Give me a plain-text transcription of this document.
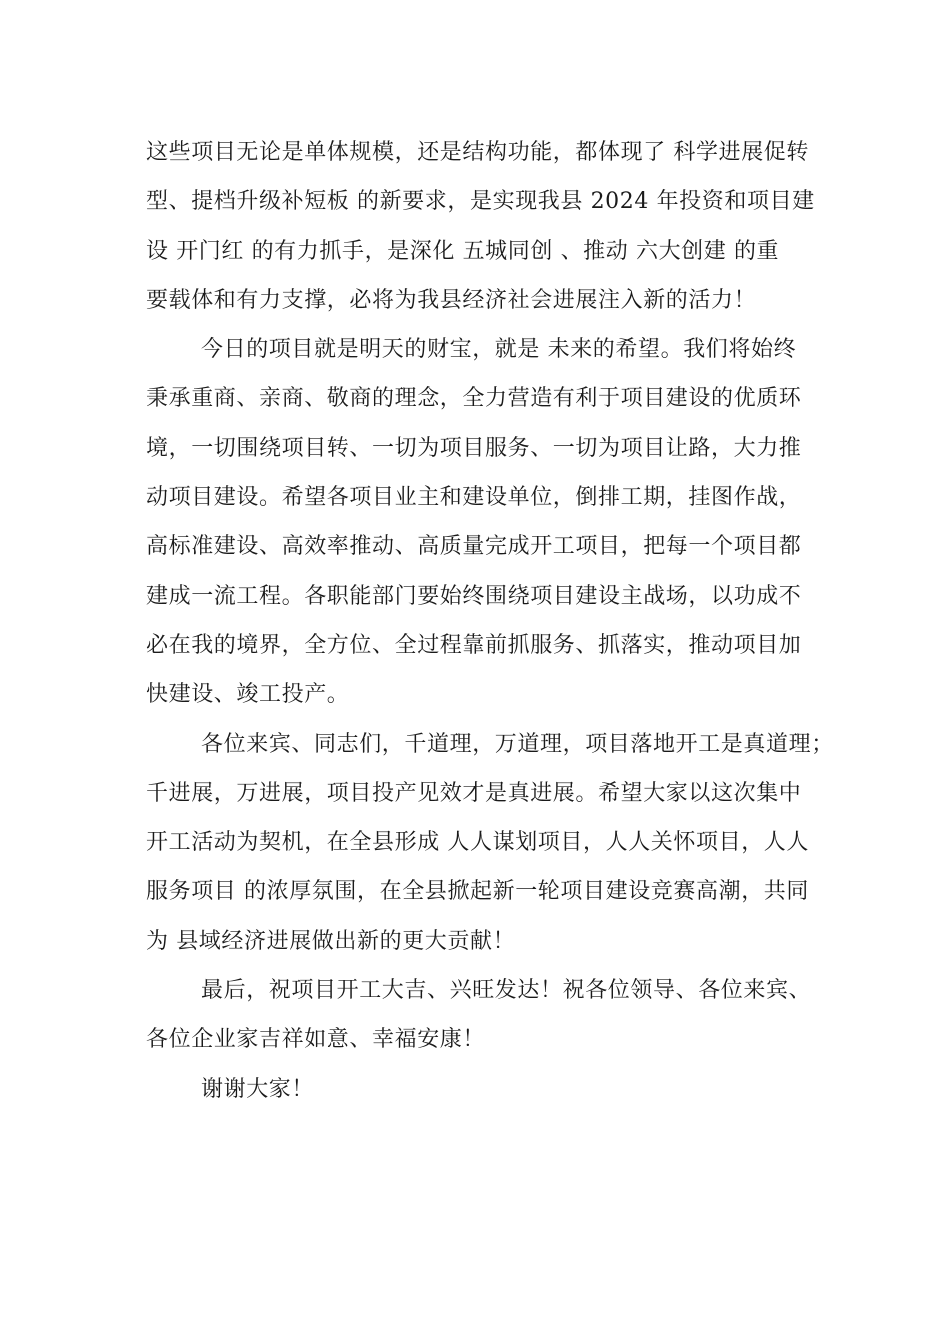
这些项目无论是单体规模，还是结构功能，都体现了 科学进展促转
型、提档升级补短板 的新要求，是实现我县 2024 年投资和项目建
设 开门红 的有力抓手，是深化 五城同创 、推动 六大创建 的重
要载体和有力支撑，必将为我县经济社会进展注入新的活力！
今日的项目就是明天的财宝，就是 未来的希望。我们将始终
秉承重商、亲商、敬商的理念，全力营造有利于项目建设的优质环
境，一切围绕项目转、一切为项目服务、一切为项目让路，大力推
动项目建设。希望各项目业主和建设单位，倒排工期，挂图作战，
高标准建设、高效率推动、高质量完成开工项目，把每一个项目都
建成一流工程。各职能部门要始终围绕项目建设主战场，以功成不
必在我的境界，全方位、全过程靠前抓服务、抓落实，推动项目加
快建设、竣工投产。
各位来宾、同志们，千道理，万道理，项目落地开工是真道理；
千进展，万进展，项目投产见效才是真进展。希望大家以这次集中
开工活动为契机，在全县形成 人人谋划项目，人人关怀项目，人人
服务项目 的浓厚氛围，在全县掀起新一轮项目建设竞赛高潮，共同
为 县域经济进展做出新的更大贡献！
最后，祝项目开工大吉、兴旺发达！祝各位领导、各位来宾、
各位企业家吉祥如意、幸福安康！
谢谢大家！
